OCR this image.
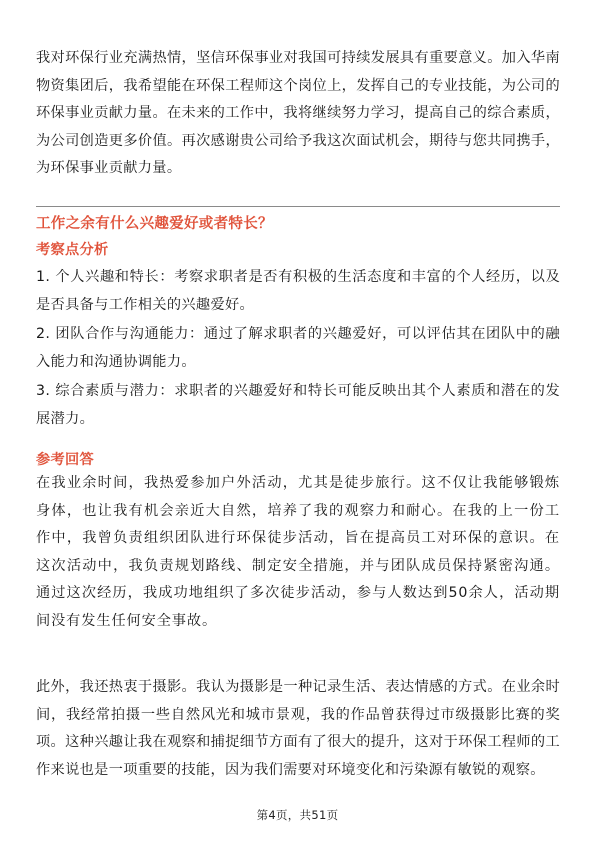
我对环保行业充满热情，坚信环保事业对我国可持续发展具有重要意义。加入华南物资集团后，我希望能在环保工程师这个岗位上，发挥自己的专业技能，为公司的环保事业贡献力量。在未来的工作中，我将继续努力学习，提高自己的综合素质，为公司创造更多价值。再次感谢贵公司给予我这次面试机会，期待与您共同携手，为环保事业贡献力量。

工作之余有什么兴趣爱好或者特长？
考察点分析

1. 个人兴趣和特长：考察求职者是否有积极的生活态度和丰富的个人经历，以及是否具备与工作相关的兴趣爱好。

2. 团队合作与沟通能力：通过了解求职者的兴趣爱好，可以评估其在团队中的融入能力和沟通协调能力。

3. 综合素质与潜力：求职者的兴趣爱好和特长可能反映出其个人素质和潜在的发展潜力。

参考回答

在我业余时间，我热爱参加户外活动，尤其是徒步旅行。这不仅让我能够锻炼身体，也让我有机会亲近大自然，培养了我的观察力和耐心。在我的上一份工作中，我曾负责组织团队进行环保徒步活动，旨在提高员工对环保的意识。在这次活动中，我负责规划路线、制定安全措施，并与团队成员保持紧密沟通。通过这次经历，我成功地组织了多次徒步活动，参与人数达到50余人，活动期间没有发生任何安全事故。

此外，我还热衷于摄影。我认为摄影是一种记录生活、表达情感的方式。在业余时间，我经常拍摄一些自然风光和城市景观，我的作品曾获得过市级摄影比赛的奖项。这种兴趣让我在观察和捕捉细节方面有了很大的提升，这对于环保工程师的工作来说也是一项重要的技能，因为我们需要对环境变化和污染源有敏锐的观察。

第4页，共51页
